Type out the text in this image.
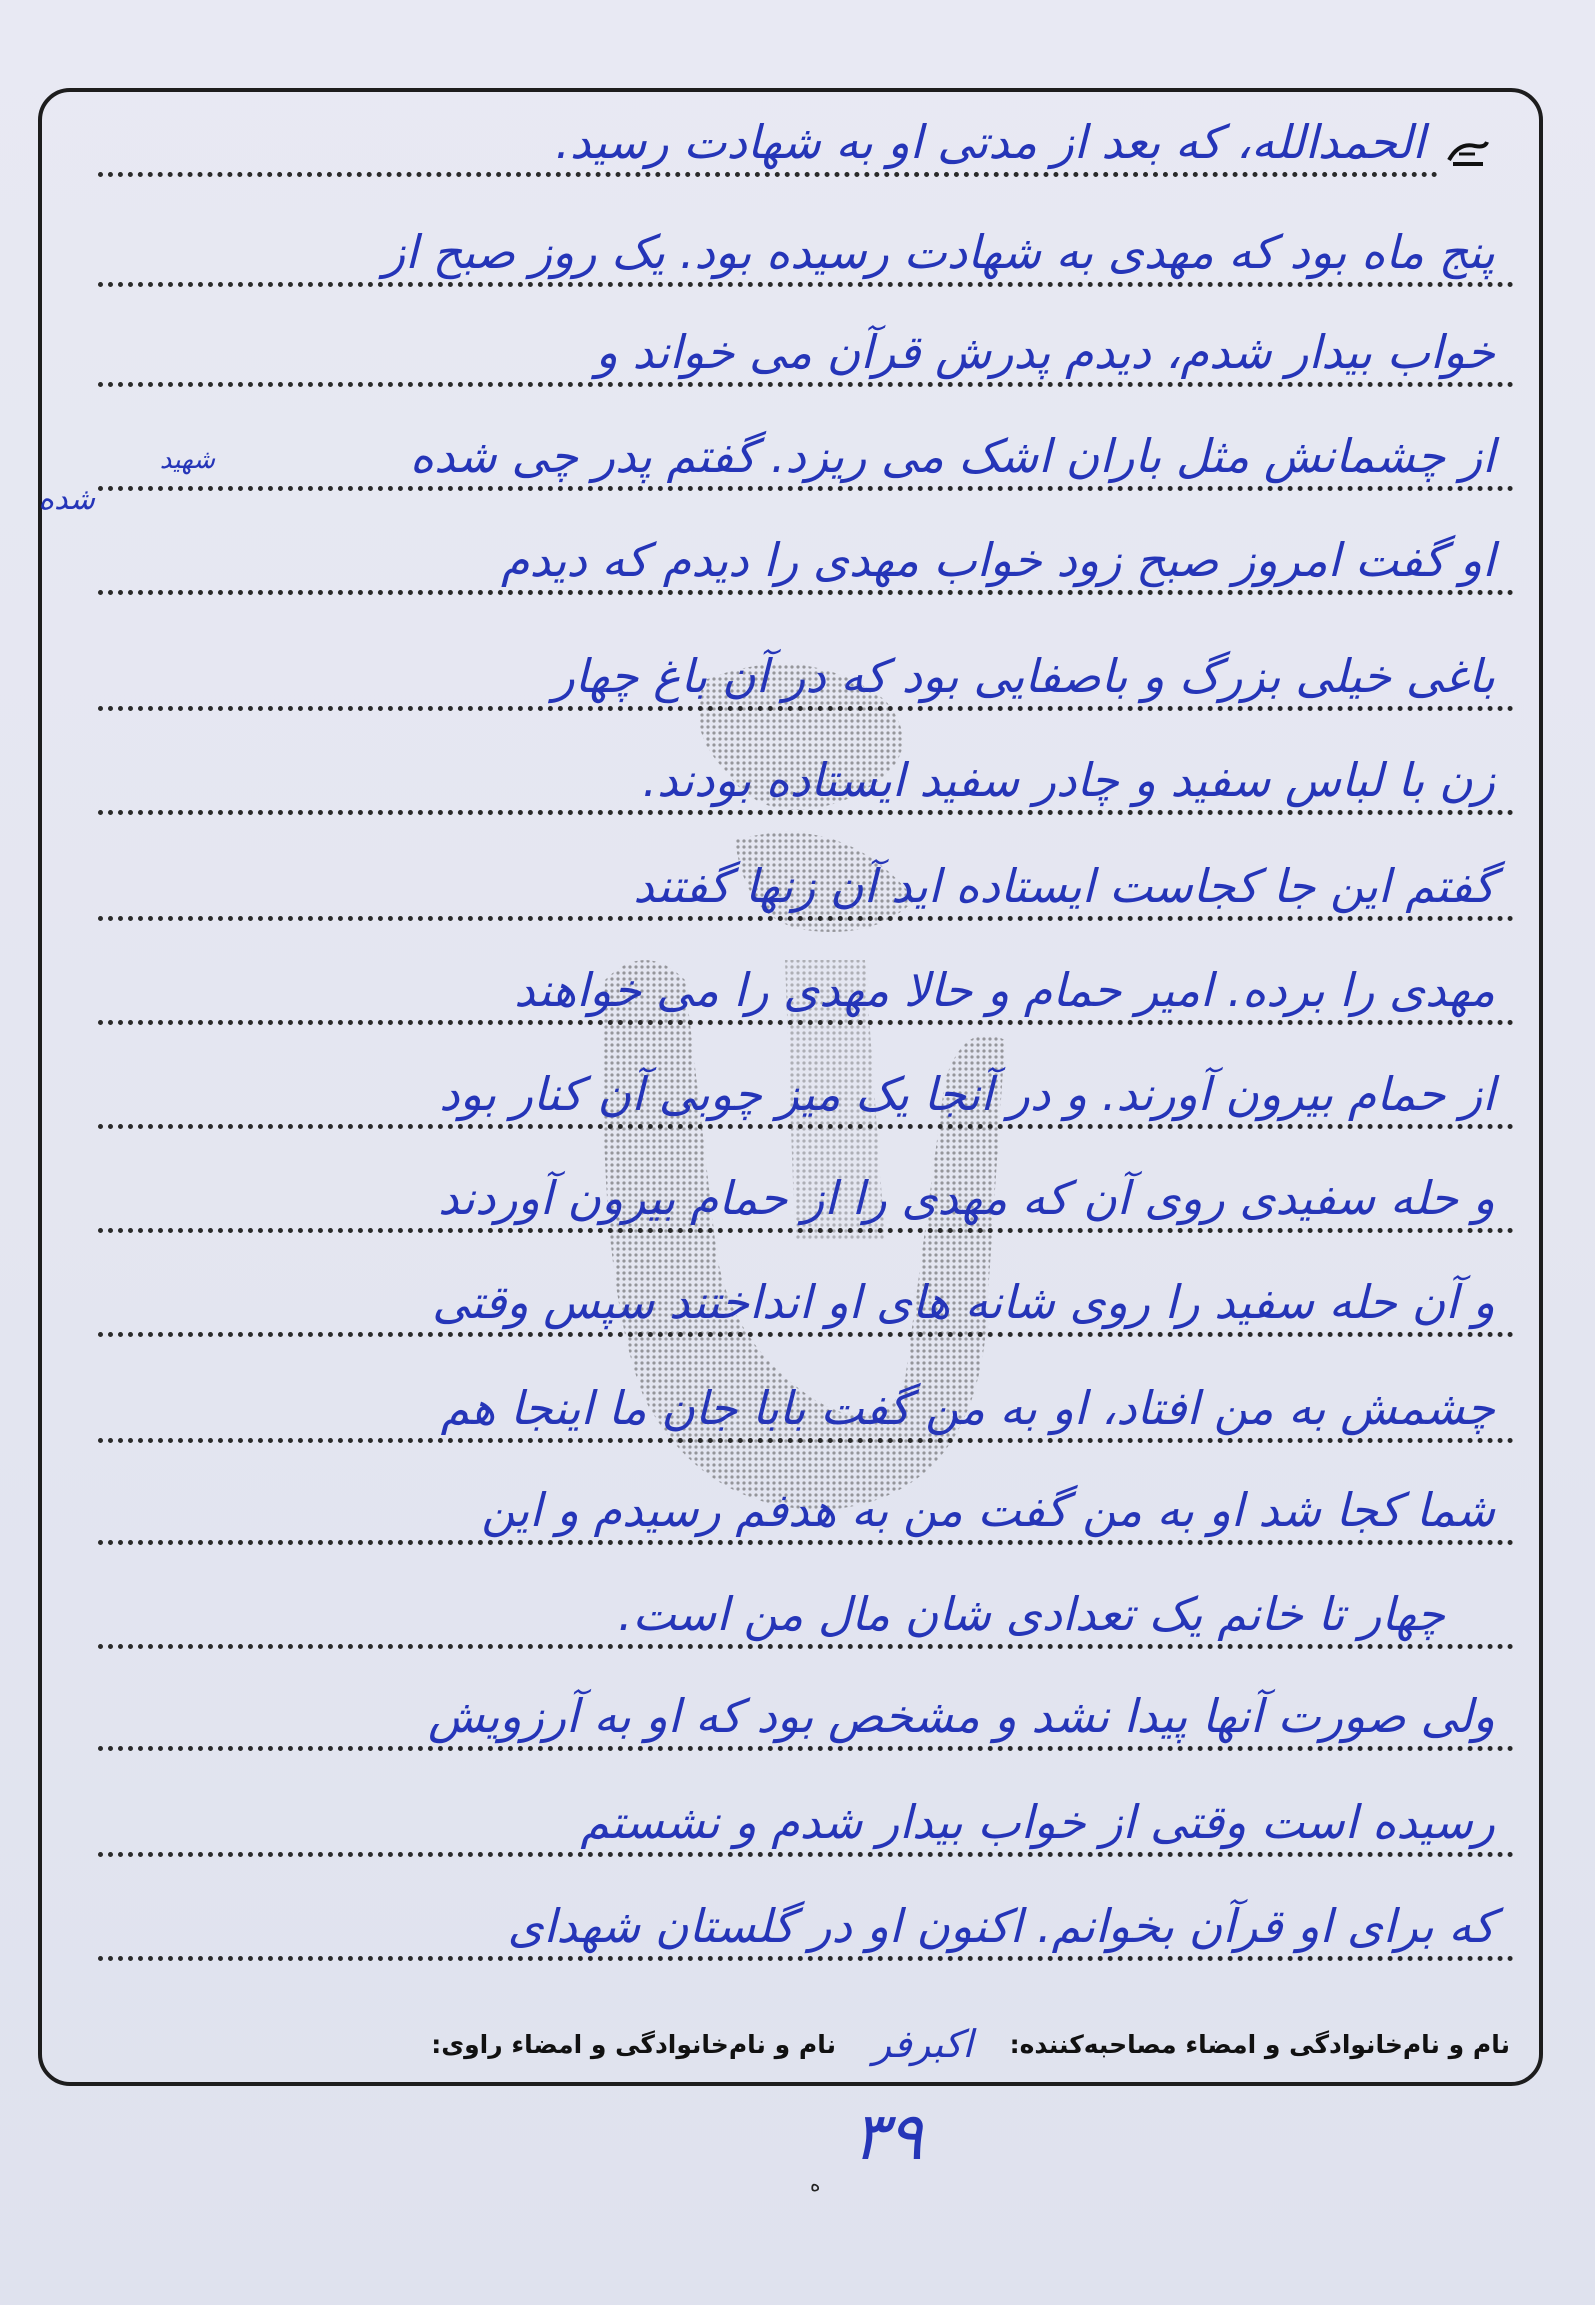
الحمدالله، که بعد از مدتی او به شهادت رسید.
پنج ماه بود که مهدی به شهادت رسیده بود. یک روز صبح از
خواب بیدار شدم، دیدم پدرش قرآن می خواند و
از چشمانش مثل باران اشک می ریزد. گفتم پدر چی شده
او گفت امروز صبح زود خواب مهدی را دیدم که دیدم
باغی خیلی بزرگ و باصفایی بود که در آن باغ چهار
زن با لباس سفید و چادر سفید ایستاده بودند.
گفتم این جا کجاست ایستاده اید آن زنها گفتند
مهدی را برده. امیر حمام و حالا مهدی را می خواهند
از حمام بیرون آورند. و در آنجا یک میز چوبی آن کنار بود
و حله سفیدی روی آن که مهدی را از حمام بیرون آوردند
و آن حله سفید را روی شانه های او انداختند سپس وقتی
چشمش به من افتاد، او به من گفت بابا جان ما اینجا هم
شما کجا شد او به من گفت من به هدفم رسیدم و این
چهار تا خانم یک تعدادی شان مال من است.
ولی صورت آنها پیدا نشد و مشخص بود که او به آرزویش
رسیده است وقتی از خواب بیدار شدم و نشستم
که برای او قرآن بخوانم. اکنون او در گلستان شهدای
شهید
شده
نام و نام‌خانوادگی و امضاء مصاحبه‌کننده: اکبرفر نام و نام‌خانوادگی و امضاء راوی:
۳۹
ه
